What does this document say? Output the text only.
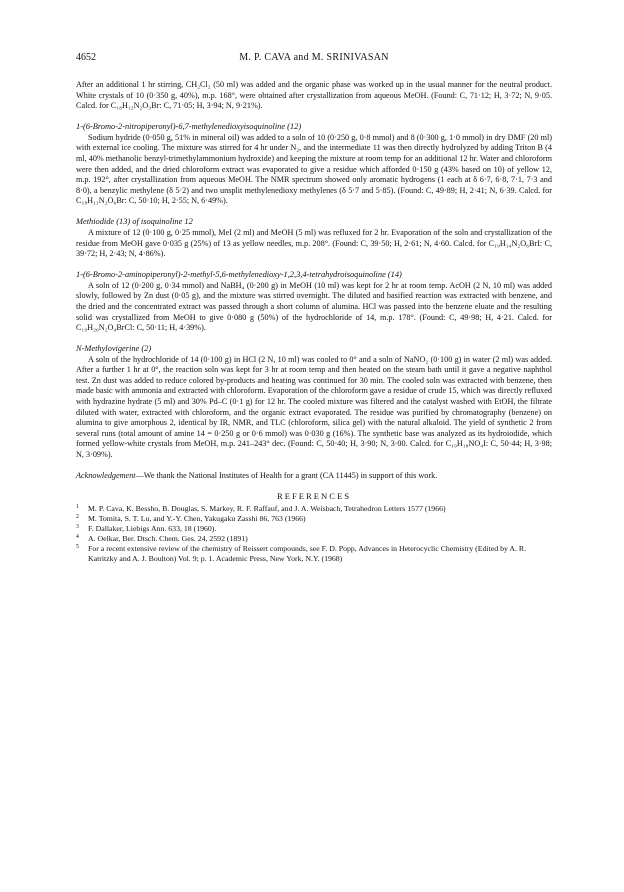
4652	M. P. CAVA and M. SRINIVASAN

After an additional 1 hr stirring, CH₂Cl₂ (50 ml) was added and the organic phase was worked up in the usual manner for the neutral product. White crystals of 10 (0·350 g, 40%), m.p. 168°, were obtained after crystallization from aqueous MeOH. (Found: C, 71·12; H, 3·72; N, 9·05. Calcd. for C₁₈H₁₂N₂O₃Br: C, 71·05; H, 3·94; N, 9·21%).

1-(6-Bromo-2-nitropiperonyl)-6,7-methylenedioxyisoquinoline (12)

Sodium hydride (0·050 g, 51% in mineral oil) was added to a soln of 10 (0·250 g, 0·8 mmol) and 8 (0·300 g, 1·0 mmol) in dry DMF (20 ml) with external ice cooling. The mixture was stirred for 4 hr under N₂, and the intermediate 11 was then directly hydrolyzed by adding Triton B (4 ml, 40% methanolic benzyl-trimethylammonium hydroxide) and keeping the mixture at room temp for an additional 12 hr. Water and chloroform were then added, and the dried chloroform extract was evaporated to give a residue which afforded 0·150 g (43% based on 10) of yellow 12, m.p. 192°, after crystallization from aqueous MeOH. The NMR spectrum showed only aromatic hydrogens (1 each at δ 6·7, 6·8, 7·1, 7·3 and 8·0), a benzylic methylene (δ 5·2) and two unsplit methylenedioxy methylenes (δ 5·7 and 5·85). (Found: C, 49·89; H, 2·41; N, 6·39. Calcd. for C₁₈H₁₁N₂O₆Br: C, 50·10; H, 2·55; N, 6·49%).

Methiodide (13) of isoquinoline 12

A mixture of 12 (0·100 g, 0·25 mmol), MeI (2 ml) and MeOH (5 ml) was refluxed for 2 hr. Evaporation of the soln and crystallization of the residue from MeOH gave 0·035 g (25%) of 13 as yellow needles, m.p. 208°. (Found: C, 39·50; H, 2·61; N, 4·60. Calcd. for C₁₉H₁₄N₂O₆BrI: C, 39·72; H, 2·43; N, 4·86%).

1-(6-Bromo-2-aminopiperonyl)-2-methyl-5,6-methylenedioxy-1,2,3,4-tetrahydroisoquinoline (14)

A soln of 12 (0·200 g, 0·34 mmol) and NaBH₄ (0·200 g) in MeOH (10 ml) was kept for 2 hr at room temp. AcOH (2 N, 10 ml) was added slowly, followed by Zn dust (0·05 g), and the mixture was stirred overnight. The diluted and basified reaction was extracted with benzene, and the dried and the concentrated extract was passed through a short column of alumina. HCl was passed into the benzene eluate and the resulting solid was crystallized from MeOH to give 0·080 g (50%) of the hydrochloride of 14, m.p. 178°. (Found: C, 49·98; H, 4·21. Calcd. for C₁₉H₂₀N₂O₄BrCl: C, 50·11; H, 4·39%).

N-Methylovigerine (2)

A soln of the hydrochloride of 14 (0·100 g) in HCl (2 N, 10 ml) was cooled to 0° and a soln of NaNO₂ (0·100 g) in water (2 ml) was added. After a further 1 hr at 0°, the reaction soln was kept for 3 hr at room temp and then heated on the steam bath until it gave a negative naphthol test. Zn dust was added to reduce colored by-products and heating was continued for 30 min. The cooled soln was extracted with benzene, then made basic with ammonia and extracted with chloroform. Evaporation of the chloroform gave a residue of crude 15, which was directly refluxed with hydrazine hydrate (5 ml) and 30% Pd–C (0·1 g) for 12 hr. The cooled mixture was filtered and the catalyst washed with EtOH, the filtrate diluted with water, extracted with chloroform, and the organic extract evaporated. The residue was purified by chromatography (benzene) on alumina to give amorphous 2, identical by IR, NMR, and TLC (chloroform, silica gel) with the natural alkaloid. The yield of synthetic 2 from several runs (total amount of amine 14 = 0·250 g or 0·6 mmol) was 0·030 g (16%). The synthetic base was analyzed as its hydroiodide, which formed yellow-white crystals from MeOH, m.p. 241–243° dec. (Found: C, 50·40; H, 3·90; N, 3·00. Calcd. for C₁₉H₁₈NO₄I: C, 50·44; H, 3·98; N, 3·09%).

Acknowledgement—We thank the National Institutes of Health for a grant (CA 11445) in support of this work.

REFERENCES
1 M. P. Cava, K. Bessho, B. Douglas, S. Markey, R. F. Raffauf, and J. A. Weisbach, Tetrahedron Letters 1577 (1966)
2 M. Tomita, S. T. Lu, and Y.-Y. Chen, Yakugaku Zasshi 86, 763 (1966)
3 F. Dallaker, Liebigs Ann. 633, 18 (1960).
4 A. Oelkar, Ber. Dtsch. Chem. Ges. 24, 2592 (1891)
5 For a recent extensive review of the chemistry of Reissert compounds, see F. D. Popp, Advances in Heterocyclic Chemistry (Edited by A. R. Katritzky and A. J. Boulton) Vol. 9; p. 1. Academic Press, New York, N.Y. (1968)
